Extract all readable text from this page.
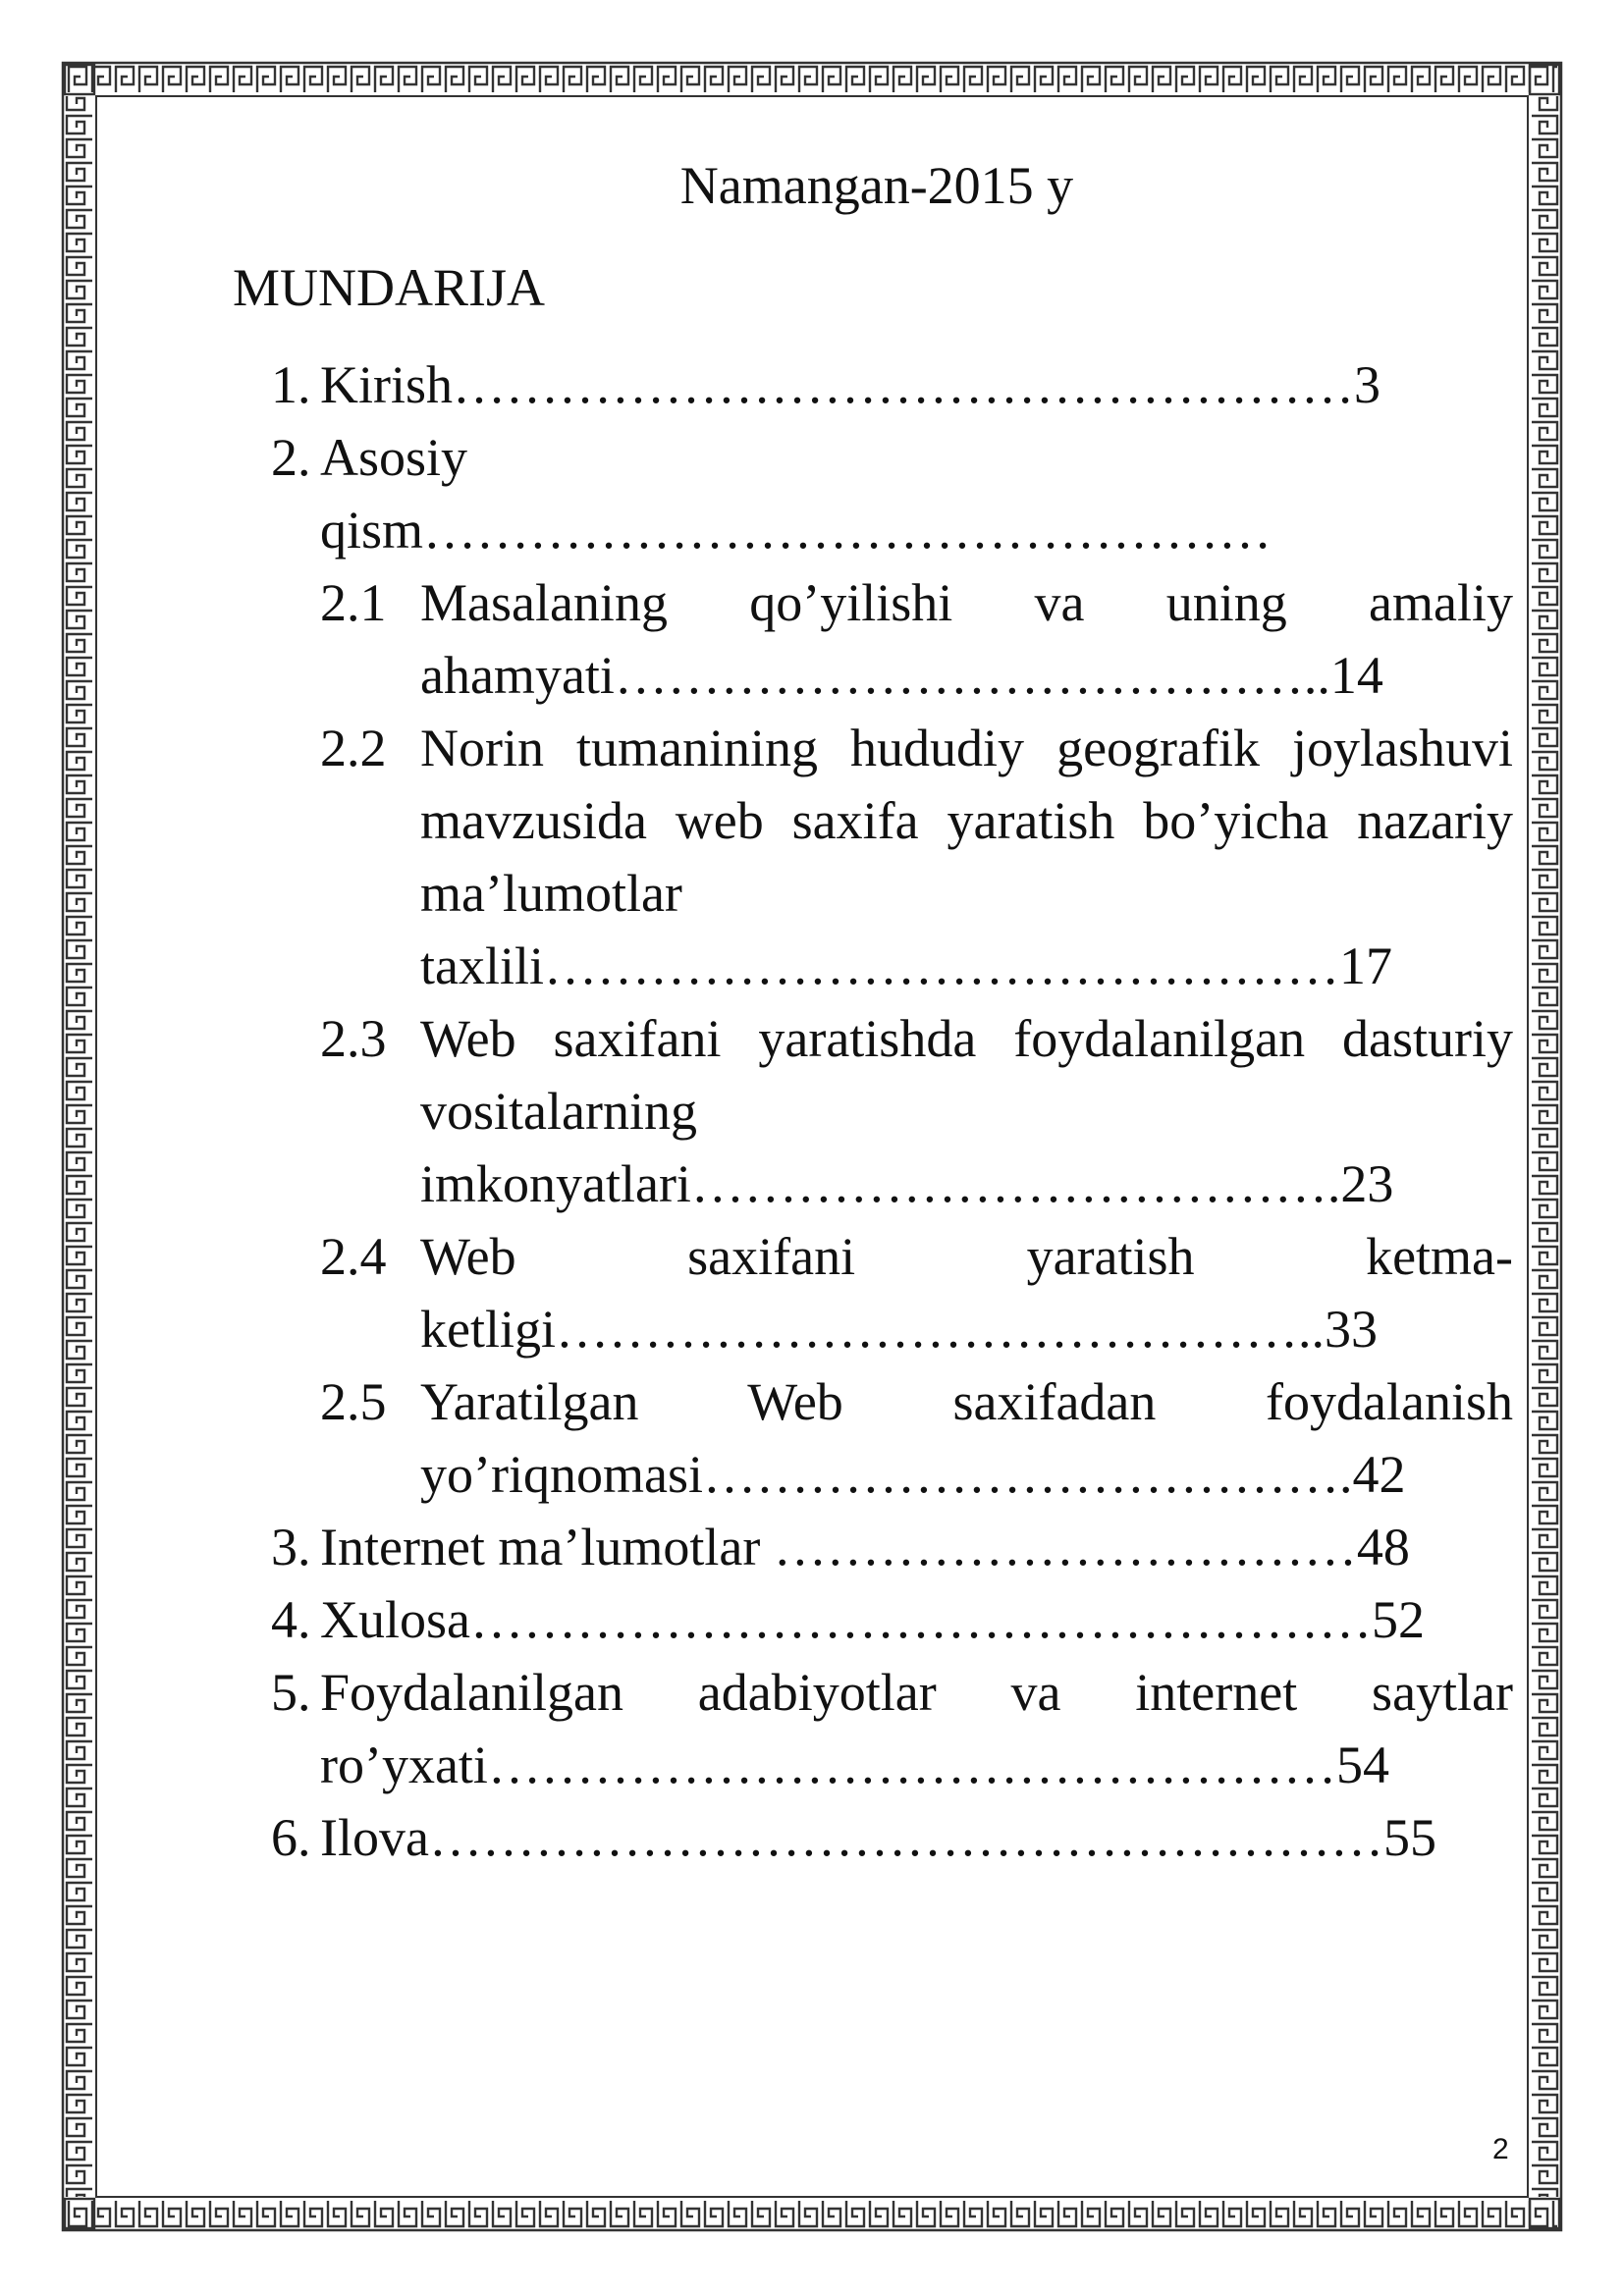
Namangan-2015 y
MUNDARIJA
1. Kirish……………………………………………3
2. Asosiy
qism…………………………………………
2.1 Masalaning qo’yilishi va uning amaliy
ahamyati…………………………………..14
2.2 Norin tumanining hududiy geografik joylashuvi
mavzusida web saxifa yaratish bo’yicha nazariy
ma’lumotlar
taxlili………………………………………17
2.3 Web saxifani yaratishda foydalanilgan dasturiy
vositalarning
imkonyatlari……………………………….23
2.4 Web saxifani yaratish ketma-
ketligi……………………………………..33
2.5 Yaratilgan Web saxifadan foydalanish
yo’riqnomasi……………………………….42
3. Internet ma’lumotlar ……………………………48
4. Xulosa……………………………………………52
5. Foydalanilgan adabiyotlar va internet saytlar
ro’yxati…………………………………………54
6. Ilova………………………………………………55
2
